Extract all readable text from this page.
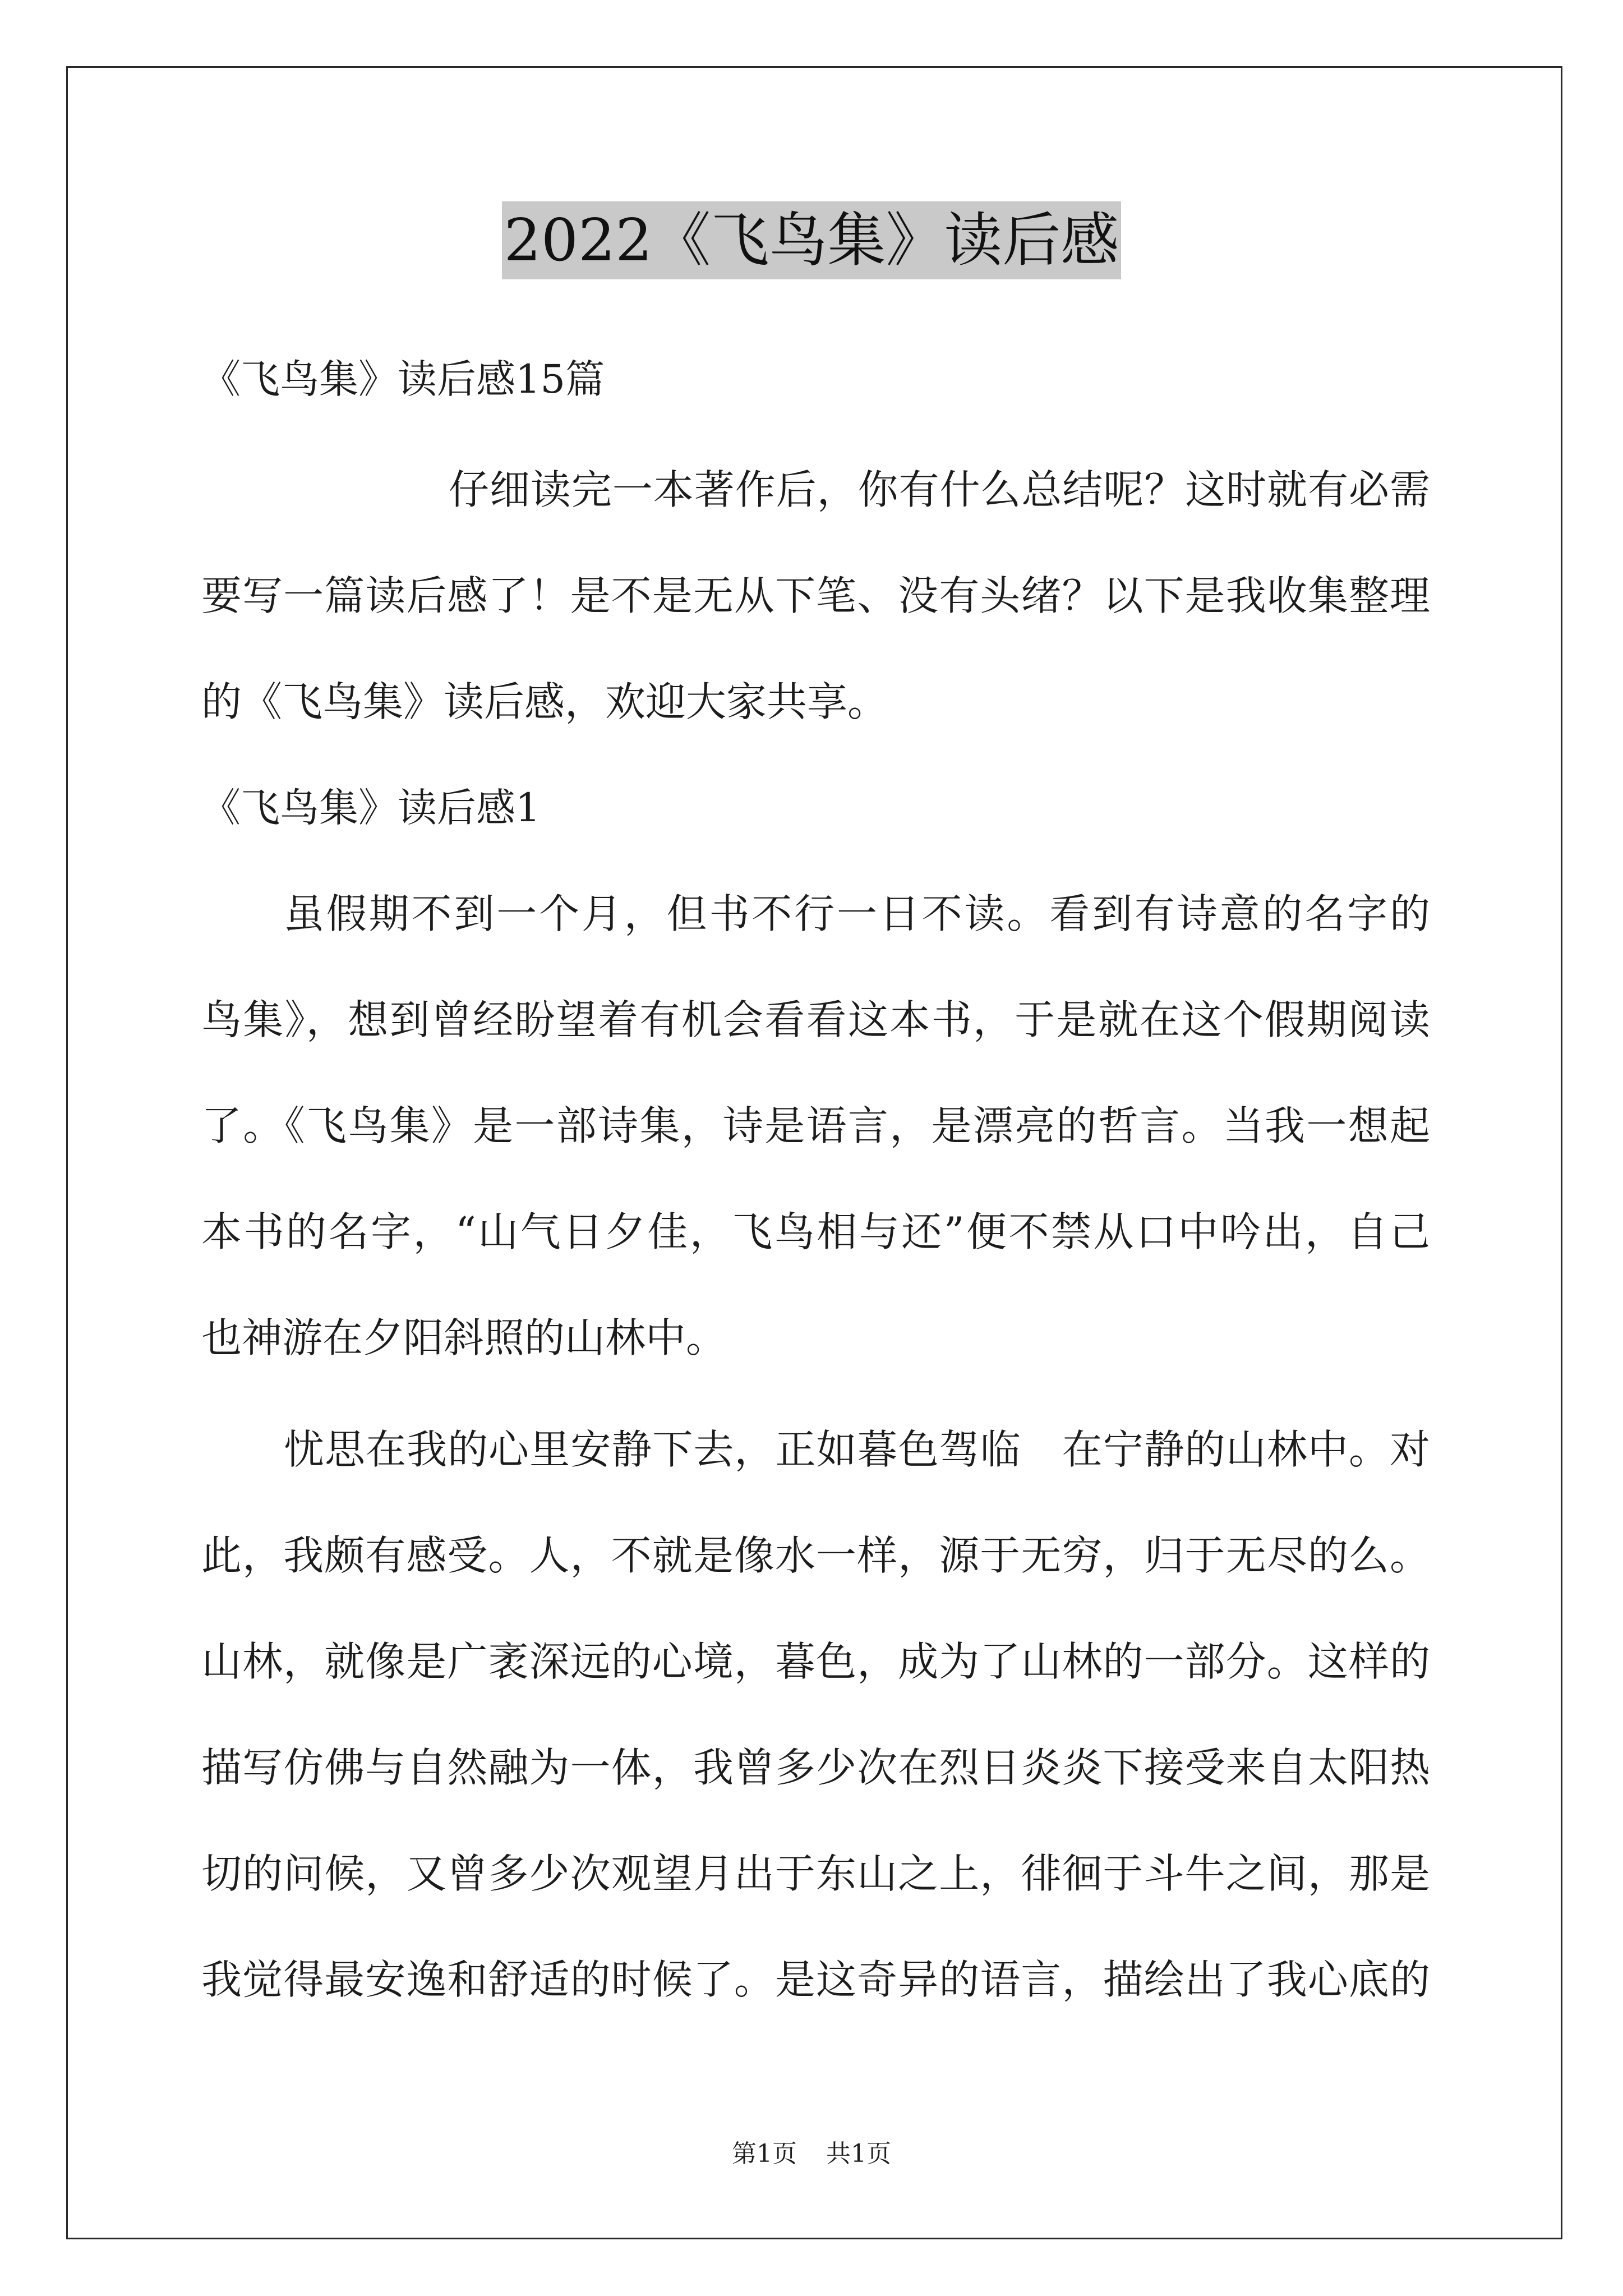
2022《飞鸟集》读后感
《飞鸟集》读后感15篇
仔细读完一本著作后，你有什么总结呢？这时就有必需
要写一篇读后感了！是不是无从下笔、没有头绪？以下是我收集整理
的《飞鸟集》读后感，欢迎大家共享。
《飞鸟集》读后感1
虽假期不到一个月，但书不行一日不读。看到有诗意的名字的
鸟集》，想到曾经盼望着有机会看看这本书，于是就在这个假期阅读
了。《飞鸟集》是一部诗集，诗是语言，是漂亮的哲言。当我一想起
本书的名字，“山气日夕佳，飞鸟相与还”便不禁从口中吟出，自己
也神游在夕阳斜照的山林中。
忧思在我的心里安静下去，正如暮色驾临　在宁静的山林中。对
此，我颇有感受。人，不就是像水一样，源于无穷，归于无尽的么。
山林，就像是广袤深远的心境，暮色，成为了山林的一部分。这样的
描写仿佛与自然融为一体，我曾多少次在烈日炎炎下接受来自太阳热
切的问候，又曾多少次观望月出于东山之上，徘徊于斗牛之间，那是
我觉得最安逸和舒适的时候了。是这奇异的语言，描绘出了我心底的
第1页 共1页
